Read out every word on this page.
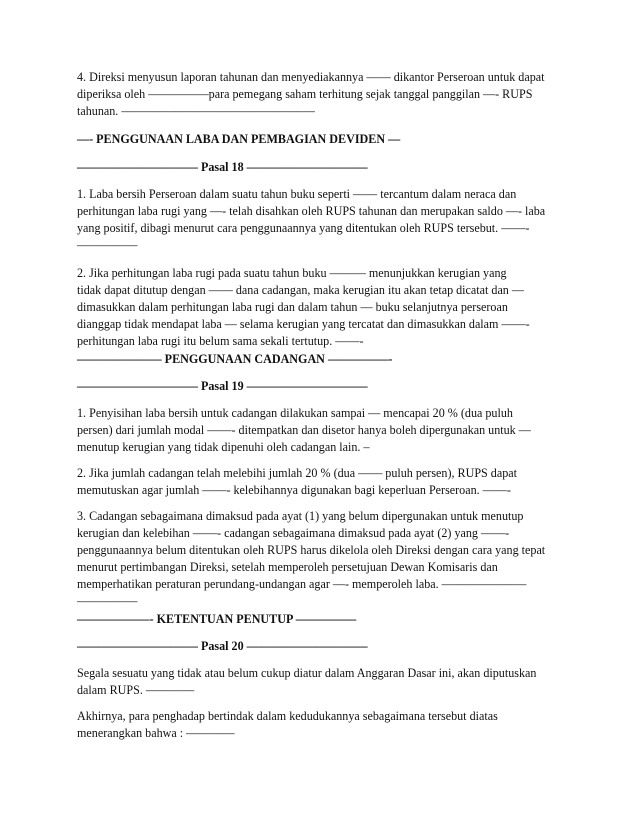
4. Direksi menyusun laporan tahunan dan menyediakannya —— dikantor Perseroan untuk dapat

diperiksa oleh —————para pemegang saham terhitung sejak tanggal panggilan —- RUPS

tahunan. ————————————————

—- PENGGUNAAN LABA DAN PEMBAGIAN DEVIDEN —

—————————— Pasal 18 ——————————

1. Laba bersih Perseroan dalam suatu tahun buku seperti —— tercantum dalam neraca dan

perhitungan laba rugi yang —- telah disahkan oleh RUPS tahunan dan merupakan saldo —- laba

yang positif, dibagi menurut cara penggunaannya yang ditentukan oleh RUPS tersebut. ——-

—————

2. Jika perhitungan laba rugi pada suatu tahun buku ——— menunjukkan kerugian yang

tidak dapat ditutup dengan —— dana cadangan, maka kerugian itu akan tetap dicatat dan —

dimasukkan dalam perhitungan laba rugi dan dalam tahun — buku selanjutnya perseroan

dianggap tidak mendapat laba — selama kerugian yang tercatat dan dimasukkan dalam ——-

perhitungan laba rugi itu belum sama sekali tertutup. ——-

——————— PENGGUNAAN CADANGAN —————-

—————————— Pasal 19 ——————————

1. Penyisihan laba bersih untuk cadangan dilakukan sampai — mencapai 20 % (dua puluh

persen) dari jumlah modal ——- ditempatkan dan disetor hanya boleh dipergunakan untuk —

menutup kerugian yang tidak dipenuhi oleh cadangan lain. –

2. Jika jumlah cadangan telah melebihi jumlah 20 % (dua —— puluh persen), RUPS dapat

memutuskan agar jumlah ——- kelebihannya digunakan bagi keperluan Perseroan. ——-

3. Cadangan sebagaimana dimaksud pada ayat (1) yang belum dipergunakan untuk menutup

kerugian dan kelebihan ——- cadangan sebagaimana dimaksud pada ayat (2) yang ——-

penggunaannya belum ditentukan oleh RUPS harus dikelola oleh Direksi dengan cara yang tepat

menurut pertimbangan Direksi, setelah memperoleh persetujuan Dewan Komisaris dan

memperhatikan peraturan perundang-undangan agar —- memperoleh laba. ———————

—————

——————- KETENTUAN PENUTUP —————

—————————— Pasal 20 ——————————

Segala sesuatu yang tidak atau belum cukup diatur dalam Anggaran Dasar ini, akan diputuskan

dalam RUPS. ————

Akhirnya, para penghadap bertindak dalam kedudukannya sebagaimana tersebut diatas

menerangkan bahwa : ————
